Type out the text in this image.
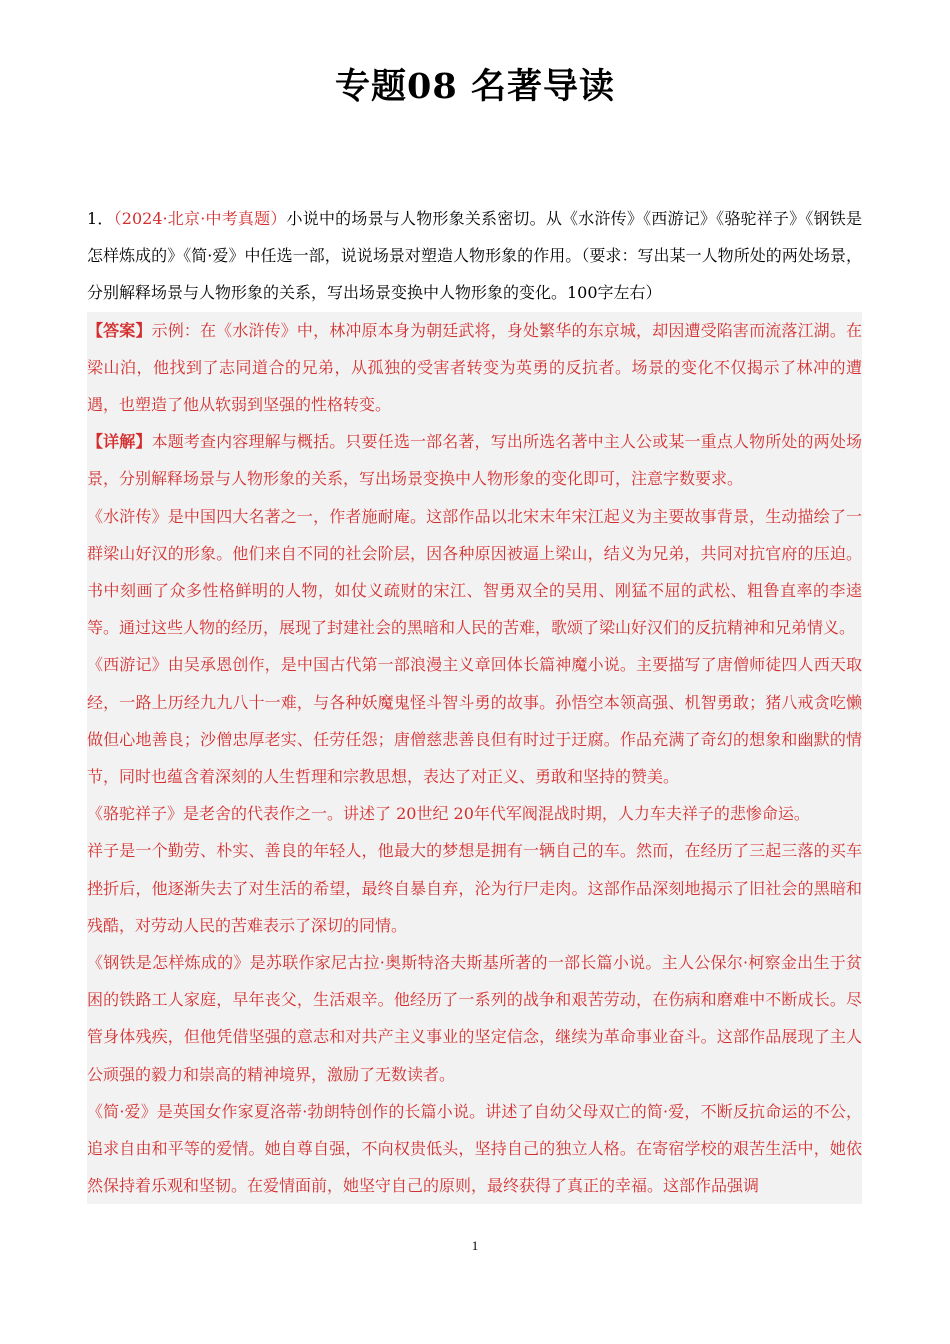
专题08 名著导读

1．（2024·北京·中考真题）小说中的场景与人物形象关系密切。从《水浒传》《西游记》《骆驼祥子》《钢铁是怎样炼成的》《简·爱》中任选一部，说说场景对塑造人物形象的作用。（要求：写出某一人物所处的两处场景，分别解释场景与人物形象的关系，写出场景变换中人物形象的变化。100字左右）

【答案】示例：在《水浒传》中，林冲原本身为朝廷武将，身处繁华的东京城，却因遭受陷害而流落江湖。在梁山泊，他找到了志同道合的兄弟，从孤独的受害者转变为英勇的反抗者。场景的变化不仅揭示了林冲的遭遇，也塑造了他从软弱到坚强的性格转变。

【详解】本题考查内容理解与概括。只要任选一部名著，写出所选名著中主人公或某一重点人物所处的两处场景，分别解释场景与人物形象的关系，写出场景变换中人物形象的变化即可，注意字数要求。

《水浒传》是中国四大名著之一，作者施耐庵。这部作品以北宋末年宋江起义为主要故事背景，生动描绘了一群梁山好汉的形象。他们来自不同的社会阶层，因各种原因被逼上梁山，结义为兄弟，共同对抗官府的压迫。书中刻画了众多性格鲜明的人物，如仗义疏财的宋江、智勇双全的吴用、刚猛不屈的武松、粗鲁直率的李逵等。通过这些人物的经历，展现了封建社会的黑暗和人民的苦难，歌颂了梁山好汉们的反抗精神和兄弟情义。

《西游记》由吴承恩创作，是中国古代第一部浪漫主义章回体长篇神魔小说。主要描写了唐僧师徒四人西天取经，一路上历经九九八十一难，与各种妖魔鬼怪斗智斗勇的故事。孙悟空本领高强、机智勇敢；猪八戒贪吃懒做但心地善良；沙僧忠厚老实、任劳任怨；唐僧慈悲善良但有时过于迂腐。作品充满了奇幻的想象和幽默的情节，同时也蕴含着深刻的人生哲理和宗教思想，表达了对正义、勇敢和坚持的赞美。

《骆驼祥子》是老舍的代表作之一。讲述了 20世纪 20年代军阀混战时期，人力车夫祥子的悲惨命运。

祥子是一个勤劳、朴实、善良的年轻人，他最大的梦想是拥有一辆自己的车。然而，在经历了三起三落的买车挫折后，他逐渐失去了对生活的希望，最终自暴自弃，沦为行尸走肉。这部作品深刻地揭示了旧社会的黑暗和残酷，对劳动人民的苦难表示了深切的同情。

《钢铁是怎样炼成的》是苏联作家尼古拉·奥斯特洛夫斯基所著的一部长篇小说。主人公保尔·柯察金出生于贫困的铁路工人家庭，早年丧父，生活艰辛。他经历了一系列的战争和艰苦劳动，在伤病和磨难中不断成长。尽管身体残疾，但他凭借坚强的意志和对共产主义事业的坚定信念，继续为革命事业奋斗。这部作品展现了主人公顽强的毅力和崇高的精神境界，激励了无数读者。

《简·爱》是英国女作家夏洛蒂·勃朗特创作的长篇小说。讲述了自幼父母双亡的简·爱，不断反抗命运的不公，追求自由和平等的爱情。她自尊自强，不向权贵低头，坚持自己的独立人格。在寄宿学校的艰苦生活中，她依然保持着乐观和坚韧。在爱情面前，她坚守自己的原则，最终获得了真正的幸福。这部作品强调

1
